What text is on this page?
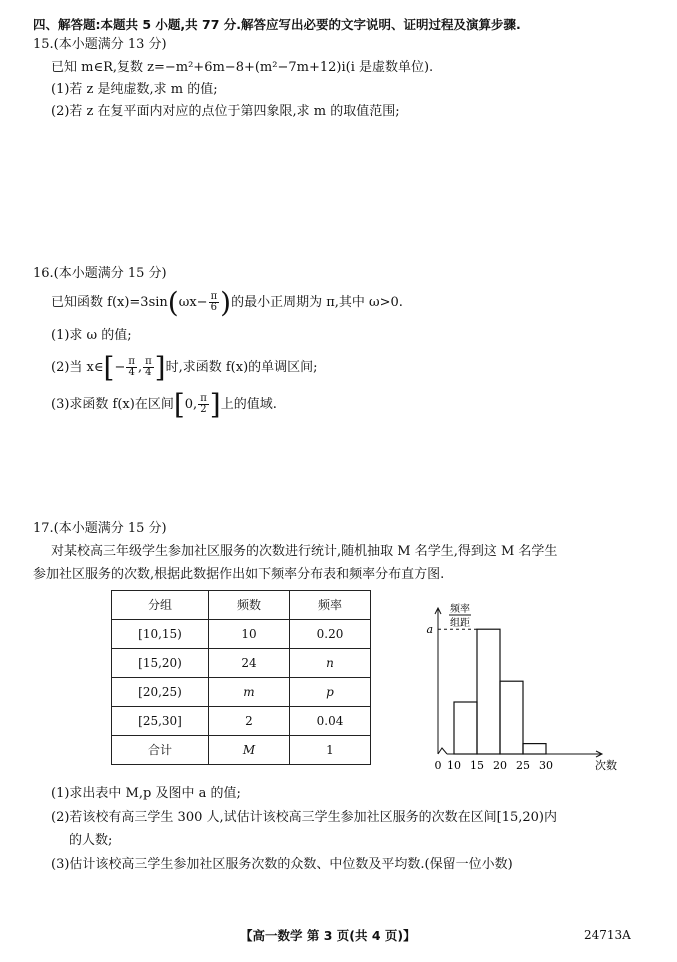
四、解答题:本题共 5 小题,共 77 分.解答应写出必要的文字说明、证明过程及演算步骤.
15.(本小题满分 13 分)
已知 m∈R,复数 z=−m²+6m−8+(m²−7m+12)i(i 是虚数单位).
(1)若 z 是纯虚数,求 m 的值;
(2)若 z 在复平面内对应的点位于第四象限,求 m 的取值范围;
16.(本小题满分 15 分)
已知函数 $f(x)=3\sin(\omega x- \frac{\pi}{6}$ )的最小正周期为 π,其中 ω>0.
(1)求 ω 的值;
(2)当 x∈[− $\frac{\pi}{4}$ , $\frac{\pi}{4}$ ]时,求函数 f(x)的单调区间;
(3)求函数 f(x)在区间[0, $\frac{\pi}{2}$ ]上的值域.
17.(本小题满分 15 分)
对某校高三年级学生参加社区服务的次数进行统计,随机抽取 M 名学生,得到这 M 名学生
参加社区服务的次数,根据此数据作出如下频率分布表和频率分布直方图.
分组	频数	频率
[10,15)	10	0.20
[15,20)	24	n
[20,25)	m	p
[25,30]	2	0.04
合计	M	1
0 10 15 20 25 30	次数
a
频率
组距
(1)求出表中 M,p 及图中 a 的值;
(2)若该校有高三学生 300 人,试估计该校高三学生参加社区服务的次数在区间[15,20)内
的人数;
(3)估计该校高三学生参加社区服务次数的众数、中位数及平均数.(保留一位小数)
【高一数学 第 3 页(共 4 页)】	24713A
